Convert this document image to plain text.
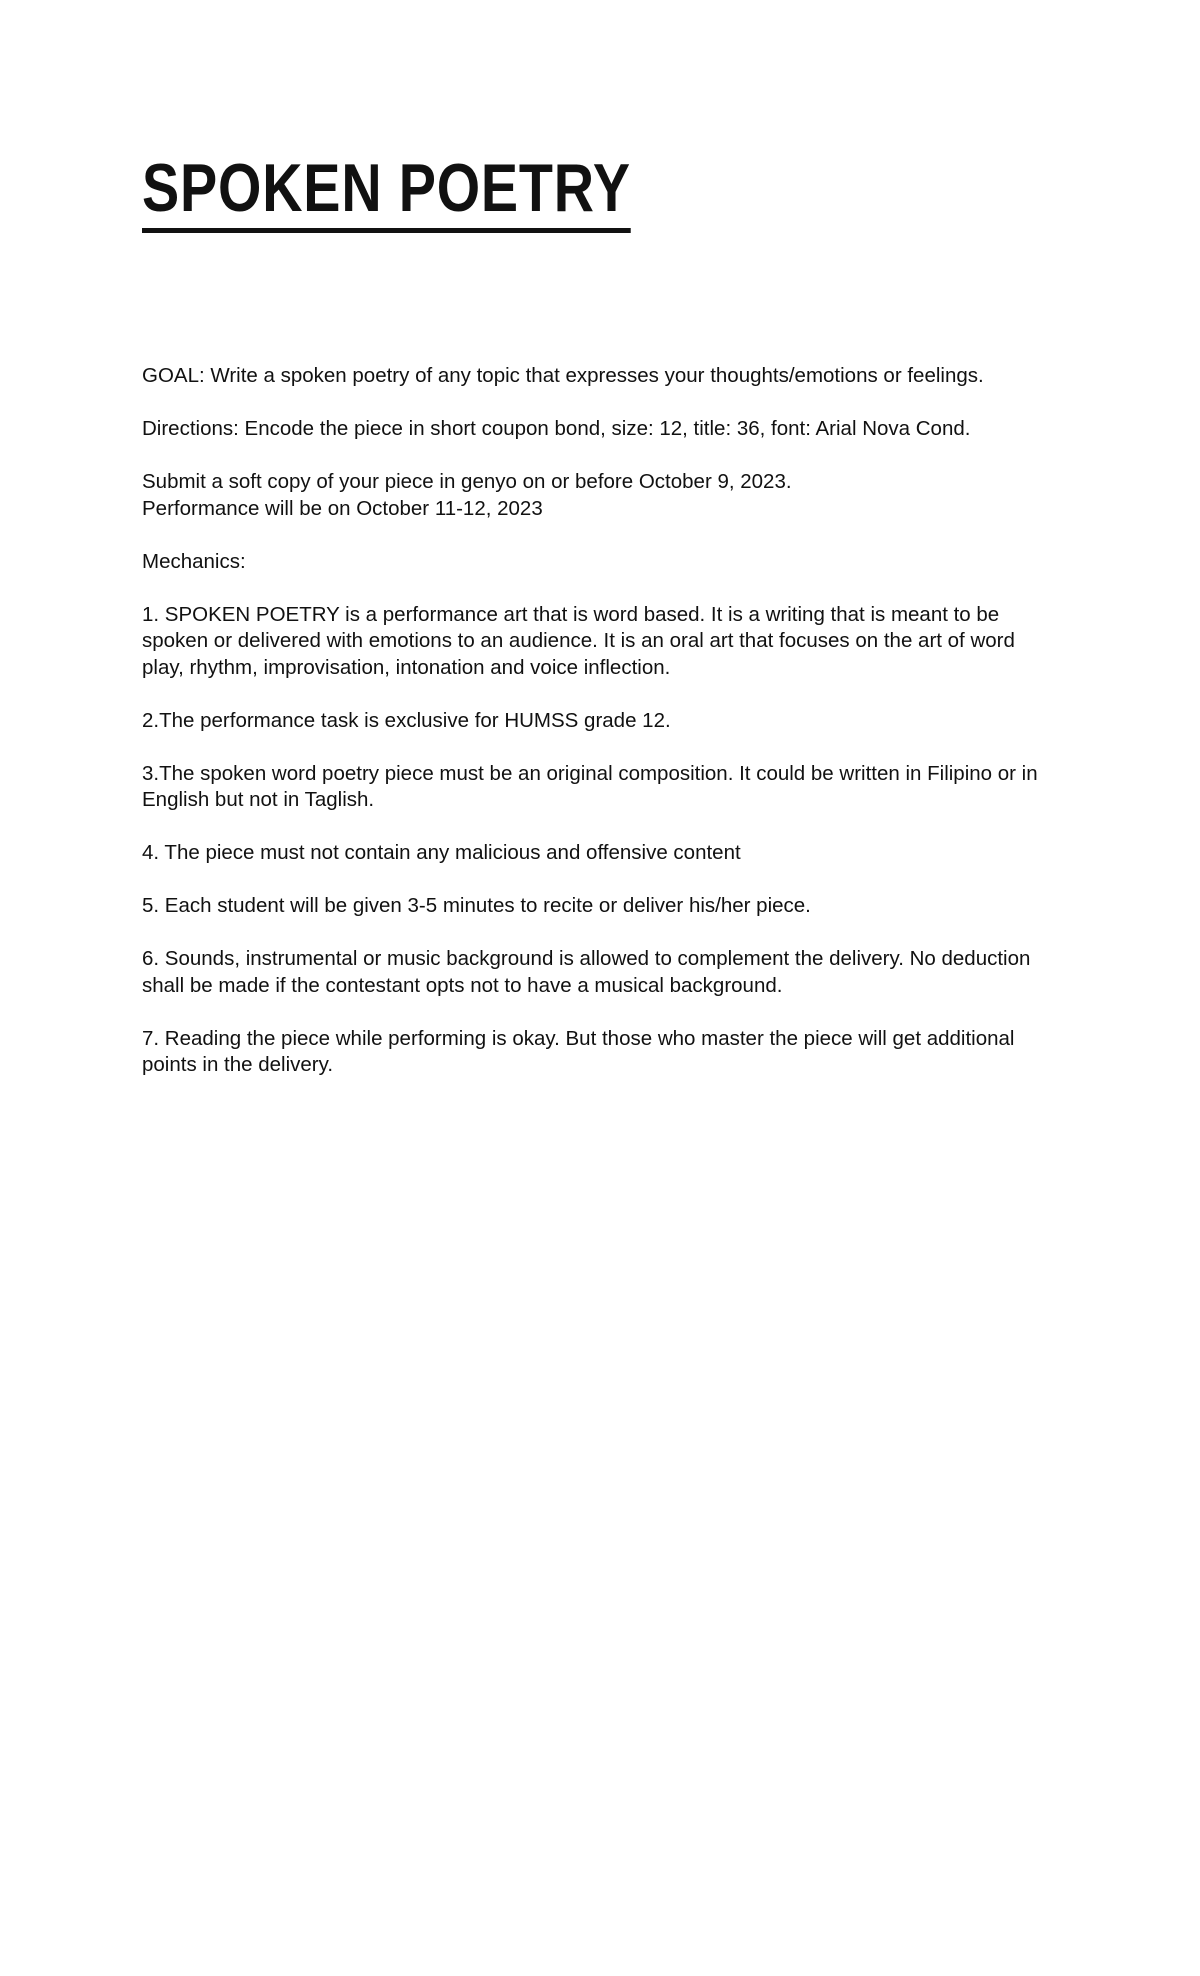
SPOKEN POETRY

GOAL: Write a spoken poetry of any topic that expresses your thoughts/emotions or feelings.

Directions: Encode the piece in short coupon bond, size: 12, title: 36, font: Arial Nova Cond.

Submit a soft copy of your piece in genyo on or before October 9, 2023.
Performance will be on October 11-12, 2023

Mechanics:

1. SPOKEN POETRY is a performance art that is word based. It is a writing that is meant to be spoken or delivered with emotions to an audience. It is an oral art that focuses on the art of word play, rhythm, improvisation, intonation and voice inflection.

2.The performance task is exclusive for HUMSS grade 12.

3.The spoken word poetry piece must be an original composition. It could be written in Filipino or in English but not in Taglish.

4. The piece must not contain any malicious and offensive content

5. Each student will be given 3-5 minutes to recite or deliver his/her piece.

6. Sounds, instrumental or music background is allowed to complement the delivery. No deduction shall be made if the contestant opts not to have a musical background.

7. Reading the piece while performing is okay. But those who master the piece will get additional points in the delivery.
